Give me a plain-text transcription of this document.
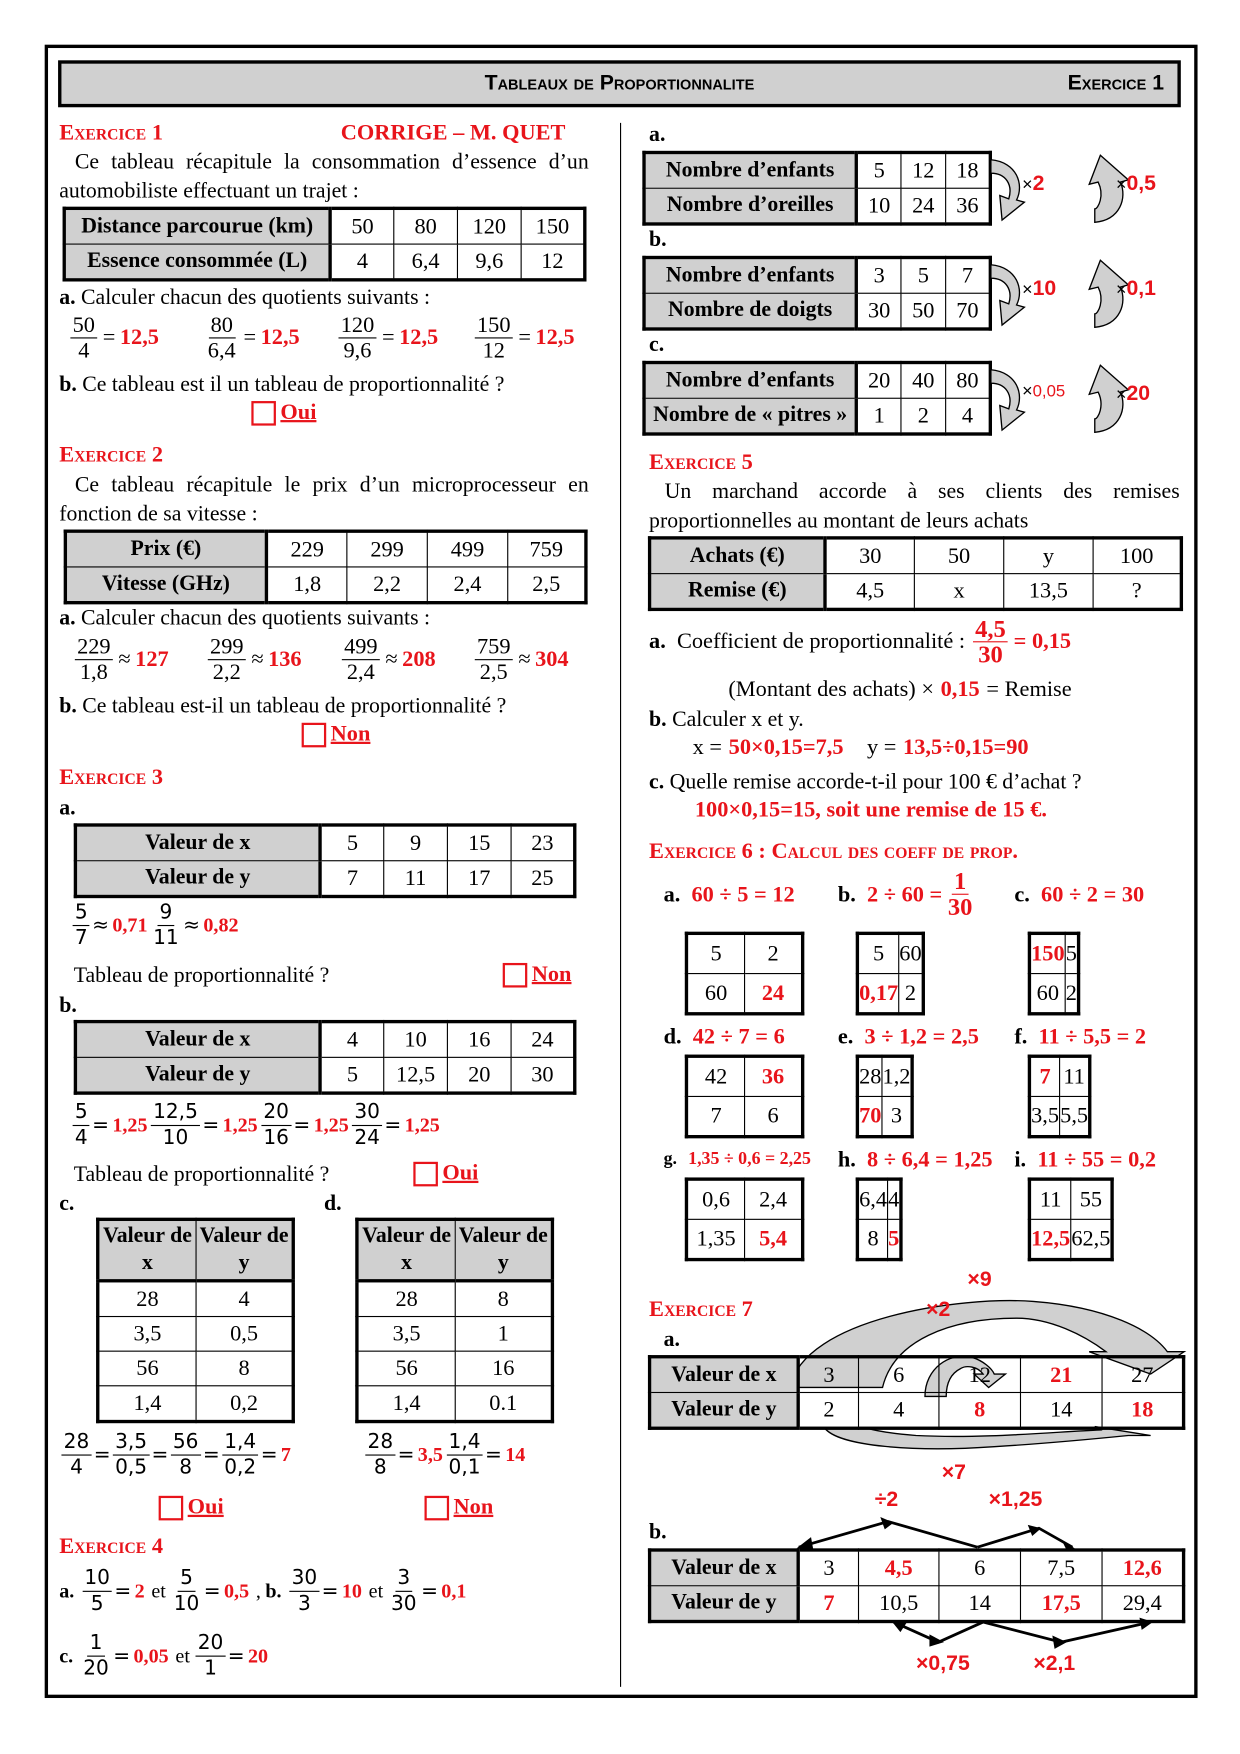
Tableaux de Proportionnalite	Exercice 1
Exercice 1	CORRIGE – M. QUET
Ce tableau récapitule la consommation d’essence d’un automobiliste effectuant un trajet :
Distance parcourue (km)	50	80	120	150
Essence consommée (L)	4	6,4	9,6	12
a. Calculer chacun des quotients suivants :
$\frac{50}{4} = 12,5 \frac{80}{6,4} = 12,5 \frac{120}{9,6} = 12,5 \frac{150}{12} = 12,5$
b. Ce tableau est il un tableau de proportionnalité ?
Oui
Exercice 2
Ce tableau récapitule le prix d’un microprocesseur en fonction de sa vitesse :
Prix (€)	229	299	499	759
Vitesse (GHz)	1,8	2,2	2,4	2,5
a. Calculer chacun des quotients suivants :
$\frac{229}{1,8} \approx 127 \frac{299}{2,2} \approx 136 \frac{499}{2,4} \approx 208 \frac{759}{2,5} \approx 304$
b. Ce tableau est-il un tableau de proportionnalité ?
Non
Exercice 3
a.
Valeur de x	5	9	15	23
Valeur de y	7	11	17	25
$\frac{5}{7} \approx 0,71 \frac{9}{11} \approx 0,82$
Tableau de proportionnalité ?	Non
b.
Valeur de x	4	10	16	24
Valeur de y	5	12,5	20	30
$\frac{5}{4} = 1,25 \frac{12,5}{10} = 1,25 \frac{20}{16} = 1,25 \frac{30}{24} = 1,25$
Tableau de proportionnalité ?	Oui
c.	d.
Valeur de x	Valeur de y
28	4
3,5	0,5
56	8
1,4	0,2
Valeur de x	Valeur de y
28	8
3,5	1
56	16
1,4	0.1
$\frac{28}{4} = \frac{3,5}{0,5} = \frac{56}{8} = \frac{1,4}{0,2} = 7$	$\frac{28}{8} = 3,5 \frac{1,4}{0,1} = 14$
Oui	Non
Exercice 4
a. $\frac{10}{5} = 2$ et $\frac{5}{10} = 0,5$ , b. $\frac{30}{3} = 10$ et $\frac{3}{30} = 0,1$
c. $\frac{1}{20} = 0,05$ et $\frac{20}{1} = 20$
a.
Nombre d’enfants	5	12	18
Nombre d’oreilles	10	24	36
×2	×0,5
b.
Nombre d’enfants	3	5	7
Nombre de doigts	30	50	70
×10	×0,1
c.
Nombre d’enfants	20	40	80
Nombre de « pitres »	1	2	4
×0,05	×20
Exercice 5
Un marchand accorde à ses clients des remises proportionnelles au montant de leurs achats
Achats (€)	30	50	y	100
Remise (€)	4,5	x	13,5	?
a. Coefficient de proportionnalité : $\frac{4,5}{30} = 0,15$
(Montant des achats) × 0,15 = Remise
b. Calculer x et y.
x = 50×0,15=7,5 y = 13,5÷0,15=90
c. Quelle remise accorde-t-il pour 100 € d’achat ?
100×0,15=15, soit une remise de 15 €.
Exercice 6 : Calcul des coeff de prop.
a. 60 ÷ 5 = 12
5	2
60	24
b. $2 \div 60 = \frac{1}{30}$
5	60
0,17	2
c. 60 ÷ 2 = 30
150	5
60	2
d. 42 ÷ 7 = 6
42	36
7	6
e. 3 ÷ 1,2 = 2,5
28	1,2
70	3
f. 11 ÷ 5,5 = 2
7	11
3,5	5,5
g. 1,35 ÷ 0,6 = 2,25
0,6	2,4
1,35	5,4
h. 8 ÷ 6,4 = 1,25
6,4	4
8	5
i. 11 ÷ 55 = 0,2
11	55
12,5	62,5
Exercice 7
×9
×2
a.
Valeur de x	3	6	12	21	27
Valeur de y	2	4	8	14	18
×7
÷2	×1,25
b.
Valeur de x	3	4,5	6	7,5	12,6
Valeur de y	7	10,5	14	17,5	29,4
×0,75	×2,1
